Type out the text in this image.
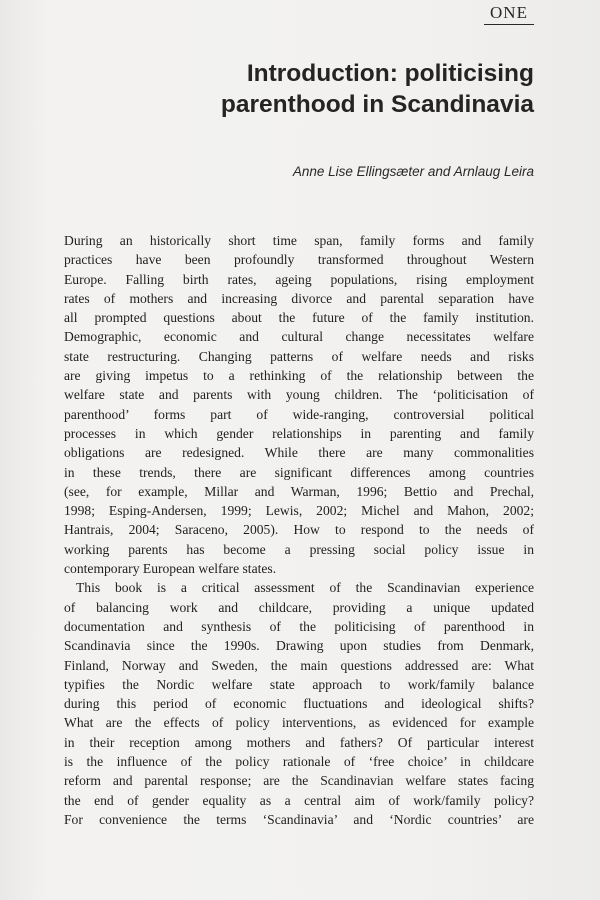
ONE
Introduction: politicising
parenthood in Scandinavia
Anne Lise Ellingsæter and Arnlaug Leira
During an historically short time span, family forms and family
practices have been profoundly transformed throughout Western
Europe. Falling birth rates, ageing populations, rising employment
rates of mothers and increasing divorce and parental separation have
all prompted questions about the future of the family institution.
Demographic, economic and cultural change necessitates welfare
state restructuring. Changing patterns of welfare needs and risks
are giving impetus to a rethinking of the relationship between the
welfare state and parents with young children. The ‘politicisation of
parenthood’ forms part of wide-ranging, controversial political
processes in which gender relationships in parenting and family
obligations are redesigned. While there are many commonalities
in these trends, there are significant differences among countries
(see, for example, Millar and Warman, 1996; Bettio and Prechal,
1998; Esping-Andersen, 1999; Lewis, 2002; Michel and Mahon, 2002;
Hantrais, 2004; Saraceno, 2005). How to respond to the needs of
working parents has become a pressing social policy issue in
contemporary European welfare states.
This book is a critical assessment of the Scandinavian experience
of balancing work and childcare, providing a unique updated
documentation and synthesis of the politicising of parenthood in
Scandinavia since the 1990s. Drawing upon studies from Denmark,
Finland, Norway and Sweden, the main questions addressed are: What
typifies the Nordic welfare state approach to work/family balance
during this period of economic fluctuations and ideological shifts?
What are the effects of policy interventions, as evidenced for example
in their reception among mothers and fathers? Of particular interest
is the influence of the policy rationale of ‘free choice’ in childcare
reform and parental response; are the Scandinavian welfare states facing
the end of gender equality as a central aim of work/family policy?
For convenience the terms ‘Scandinavia’ and ‘Nordic countries’ are
